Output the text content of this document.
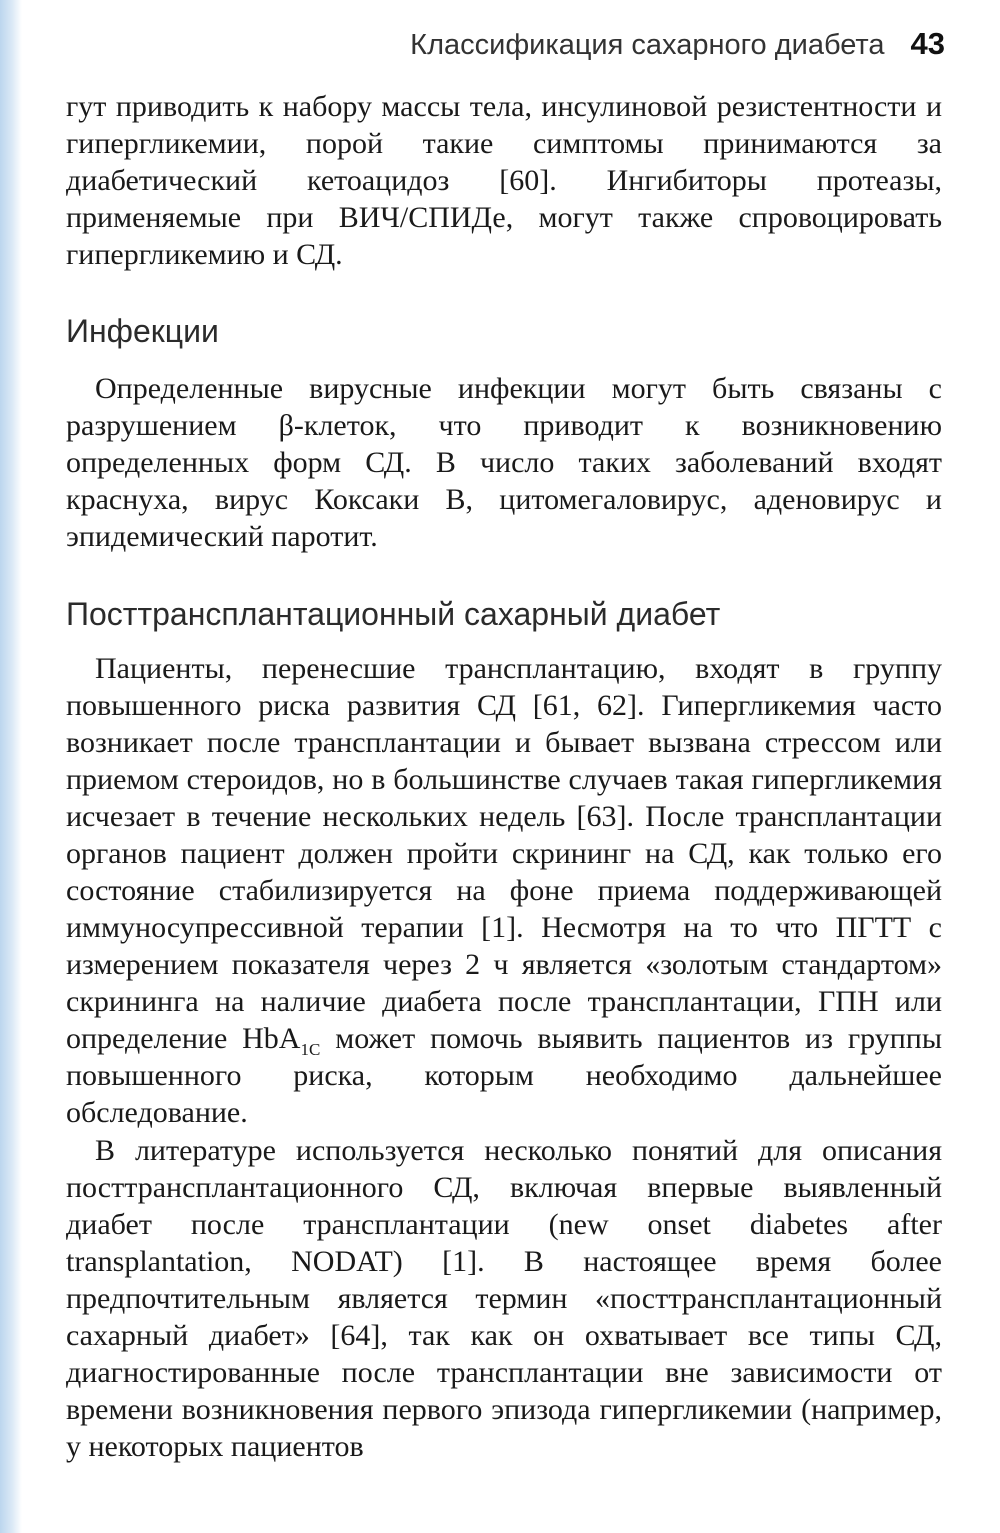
Классификация сахарного диабета 43

гут приводить к набору массы тела, инсулиновой резистентности и гипергликемии, порой такие симптомы принимаются за диабетический кетоацидоз [60]. Ингибиторы протеазы, применяемые при ВИЧ/СПИДе, могут также спровоцировать гипергликемию и СД.

Инфекции

Определенные вирусные инфекции могут быть связаны с разрушением β-клеток, что приводит к возникновению определенных форм СД. В число таких заболеваний входят краснуха, вирус Коксаки В, цитомегаловирус, аденовирус и эпидемический паротит.

Посттрансплантационный сахарный диабет

Пациенты, перенесшие трансплантацию, входят в группу повышенного риска развития СД [61, 62]. Гипергликемия часто возникает после трансплантации и бывает вызвана стрессом или приемом стероидов, но в большинстве случаев такая гипергликемия исчезает в течение нескольких недель [63]. После трансплантации органов пациент должен пройти скрининг на СД, как только его состояние стабилизируется на фоне приема поддерживающей иммуносупрессивной терапии [1]. Несмотря на то что ПГТТ с измерением показателя через 2 ч является «золотым стандартом» скрининга на наличие диабета после трансплантации, ГПН или определение HbA$_{1C}$ может помочь выявить пациентов из группы повышенного риска, которым необходимо дальнейшее обследование.

В литературе используется несколько понятий для описания посттрансплантационного СД, включая впервые выявленный диабет после трансплантации (new onset diabetes after transplantation, NODAT) [1]. В настоящее время более предпочтительным является термин «посттрансплантационный сахарный диабет» [64], так как он охватывает все типы СД, диагностированные после трансплантации вне зависимости от времени возникновения первого эпизода гипергликемии (например, у некоторых пациентов
